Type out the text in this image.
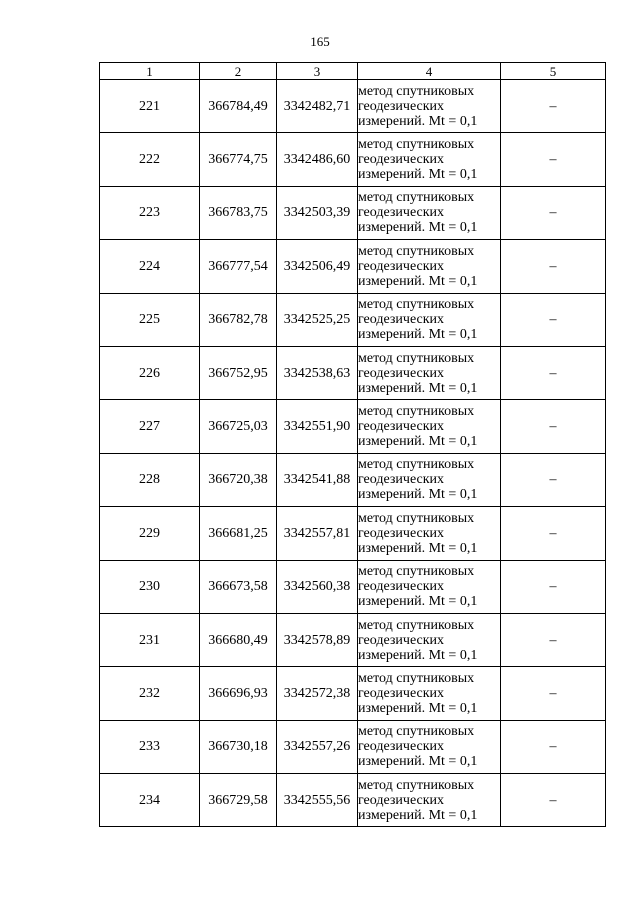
165
1	2	3	4	5
221	366784,49	3342482,71	метод спутниковых
геодезических
измерений. Mt = 0,1	–
222	366774,75	3342486,60	метод спутниковых
геодезических
измерений. Mt = 0,1	–
223	366783,75	3342503,39	метод спутниковых
геодезических
измерений. Mt = 0,1	–
224	366777,54	3342506,49	метод спутниковых
геодезических
измерений. Mt = 0,1	–
225	366782,78	3342525,25	метод спутниковых
геодезических
измерений. Mt = 0,1	–
226	366752,95	3342538,63	метод спутниковых
геодезических
измерений. Mt = 0,1	–
227	366725,03	3342551,90	метод спутниковых
геодезических
измерений. Mt = 0,1	–
228	366720,38	3342541,88	метод спутниковых
геодезических
измерений. Mt = 0,1	–
229	366681,25	3342557,81	метод спутниковых
геодезических
измерений. Mt = 0,1	–
230	366673,58	3342560,38	метод спутниковых
геодезических
измерений. Mt = 0,1	–
231	366680,49	3342578,89	метод спутниковых
геодезических
измерений. Mt = 0,1	–
232	366696,93	3342572,38	метод спутниковых
геодезических
измерений. Mt = 0,1	–
233	366730,18	3342557,26	метод спутниковых
геодезических
измерений. Mt = 0,1	–
234	366729,58	3342555,56	метод спутниковых
геодезических
измерений. Mt = 0,1	–
